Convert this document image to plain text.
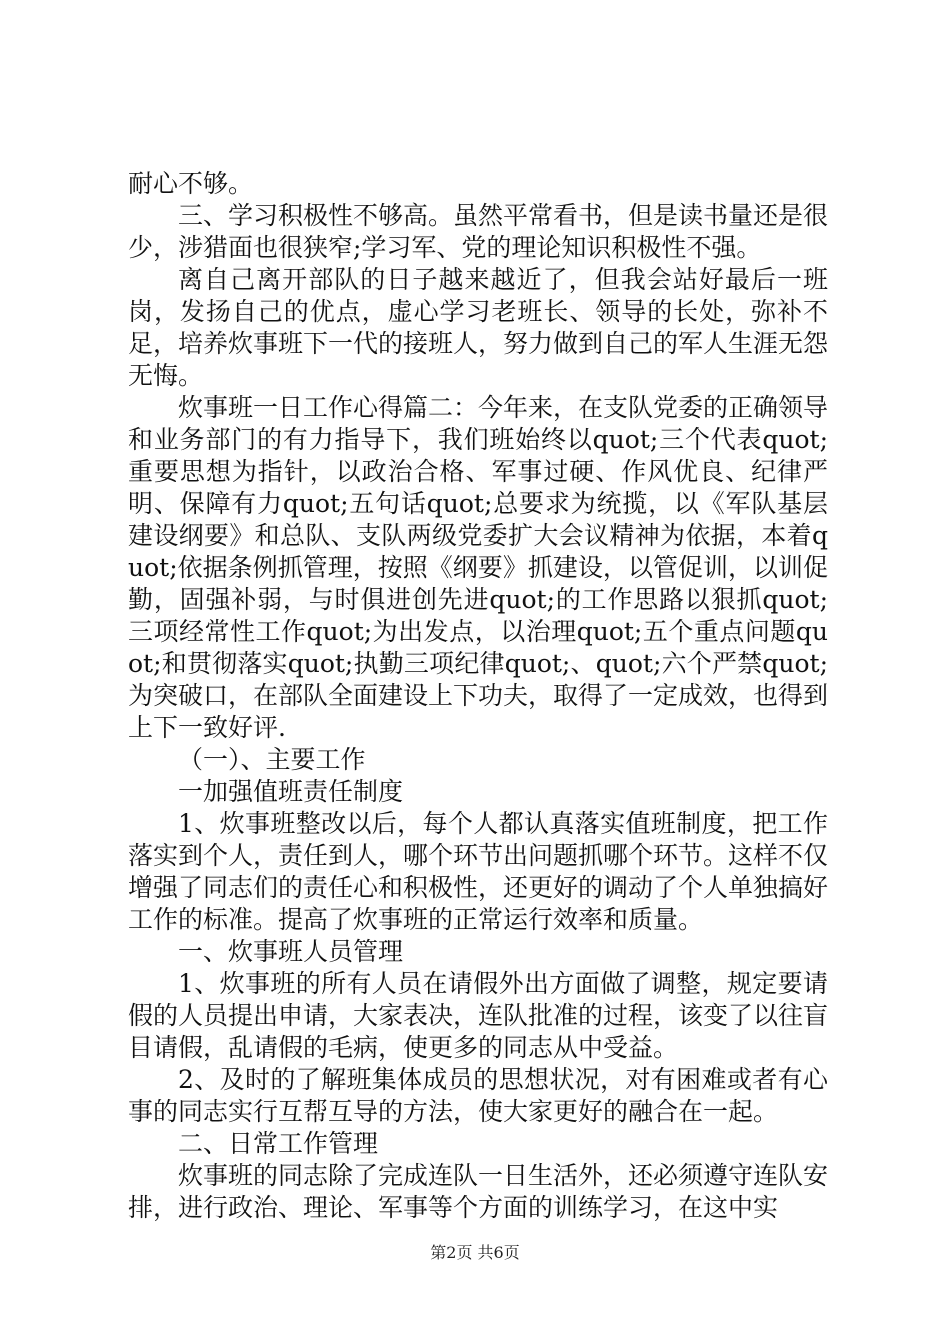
耐心不够。

三、学习积极性不够高。虽然平常看书，但是读书量还是很少，涉猎面也很狭窄;学习军、党的理论知识积极性不强。

离自己离开部队的日子越来越近了，但我会站好最后一班岗，发扬自己的优点，虚心学习老班长、领导的长处，弥补不足，培养炊事班下一代的接班人，努力做到自己的军人生涯无怨无悔。

炊事班一日工作心得篇二：今年来，在支队党委的正确领导和业务部门的有力指导下，我们班始终以quot;三个代表quot;重要思想为指针，以政治合格、军事过硬、作风优良、纪律严明、保障有力quot;五句话quot;总要求为统揽，以《军队基层建设纲要》和总队、支队两级党委扩大会议精神为依据，本着quot;依据条例抓管理，按照《纲要》抓建设，以管促训，以训促勤，固强补弱，与时俱进创先进quot;的工作思路以狠抓quot;三项经常性工作quot;为出发点，以治理quot;五个重点问题quot;和贯彻落实quot;执勤三项纪律quot;、quot;六个严禁quot;为突破口，在部队全面建设上下功夫，取得了一定成效，也得到上下一致好评.

（一）、主要工作

一加强值班责任制度

1、炊事班整改以后，每个人都认真落实值班制度，把工作落实到个人，责任到人，哪个环节出问题抓哪个环节。这样不仅增强了同志们的责任心和积极性，还更好的调动了个人单独搞好工作的标准。提高了炊事班的正常运行效率和质量。

一、炊事班人员管理

1、炊事班的所有人员在请假外出方面做了调整，规定要请假的人员提出申请，大家表决，连队批准的过程，该变了以往盲目请假，乱请假的毛病，使更多的同志从中受益。

2、及时的了解班集体成员的思想状况，对有困难或者有心事的同志实行互帮互导的方法，使大家更好的融合在一起。

二、日常工作管理

炊事班的同志除了完成连队一日生活外，还必须遵守连队安排，进行政治、理论、军事等个方面的训练学习，在这中实

第2页 共6页
